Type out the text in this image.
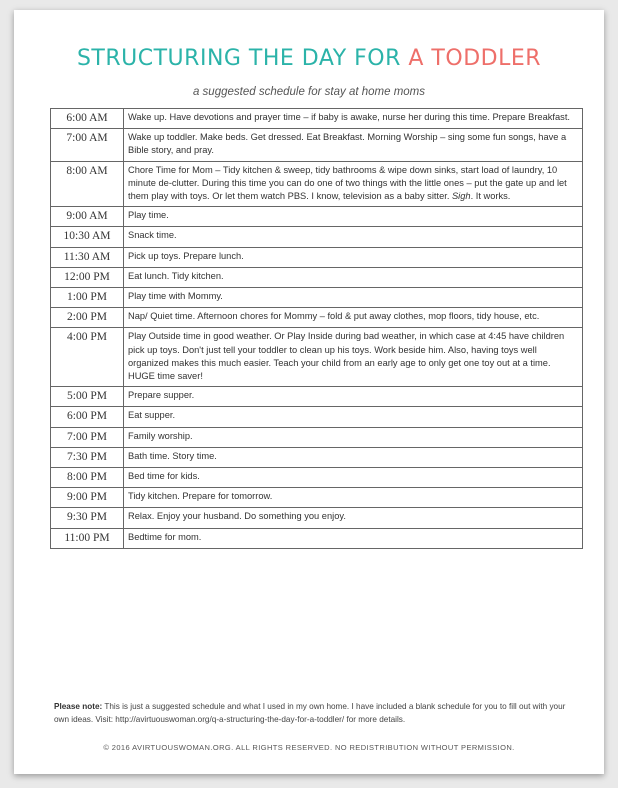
STRUCTURING THE DAY FOR A TODDLER
a suggested schedule for stay at home moms
6:00 AM	Wake up. Have devotions and prayer time – if baby is awake, nurse her during this time. Prepare Breakfast.
7:00 AM	Wake up toddler. Make beds. Get dressed. Eat Breakfast. Morning Worship – sing some fun songs, have a Bible story, and pray.
8:00 AM	Chore Time for Mom – Tidy kitchen & sweep, tidy bathrooms & wipe down sinks, start load of laundry, 10 minute de-clutter. During this time you can do one of two things with the little ones – put the gate up and let them play with toys. Or let them watch PBS. I know, television as a baby sitter. Sigh. It works.
9:00 AM	Play time.
10:30 AM	Snack time.
11:30 AM	Pick up toys. Prepare lunch.
12:00 PM	Eat lunch. Tidy kitchen.
1:00 PM	Play time with Mommy.
2:00 PM	Nap/ Quiet time. Afternoon chores for Mommy – fold & put away clothes, mop floors, tidy house, etc.
4:00 PM	Play Outside time in good weather. Or Play Inside during bad weather, in which case at 4:45 have children pick up toys. Don't just tell your toddler to clean up his toys. Work beside him. Also, having toys well organized makes this much easier. Teach your child from an early age to only get one toy out at a time. HUGE time saver!
5:00 PM	Prepare supper.
6:00 PM	Eat supper.
7:00 PM	Family worship.
7:30 PM	Bath time. Story time.
8:00 PM	Bed time for kids.
9:00 PM	Tidy kitchen. Prepare for tomorrow.
9:30 PM	Relax. Enjoy your husband. Do something you enjoy.
11:00 PM	Bedtime for mom.
Please note: This is just a suggested schedule and what I used in my own home. I have included a blank schedule for you to fill out with your own ideas. Visit: http://avirtuouswoman.org/q-a-structuring-the-day-for-a-toddler/ for more details.
© 2016 AVIRTUOUSWOMAN.ORG. ALL RIGHTS RESERVED. NO REDISTRIBUTION WITHOUT PERMISSION.
